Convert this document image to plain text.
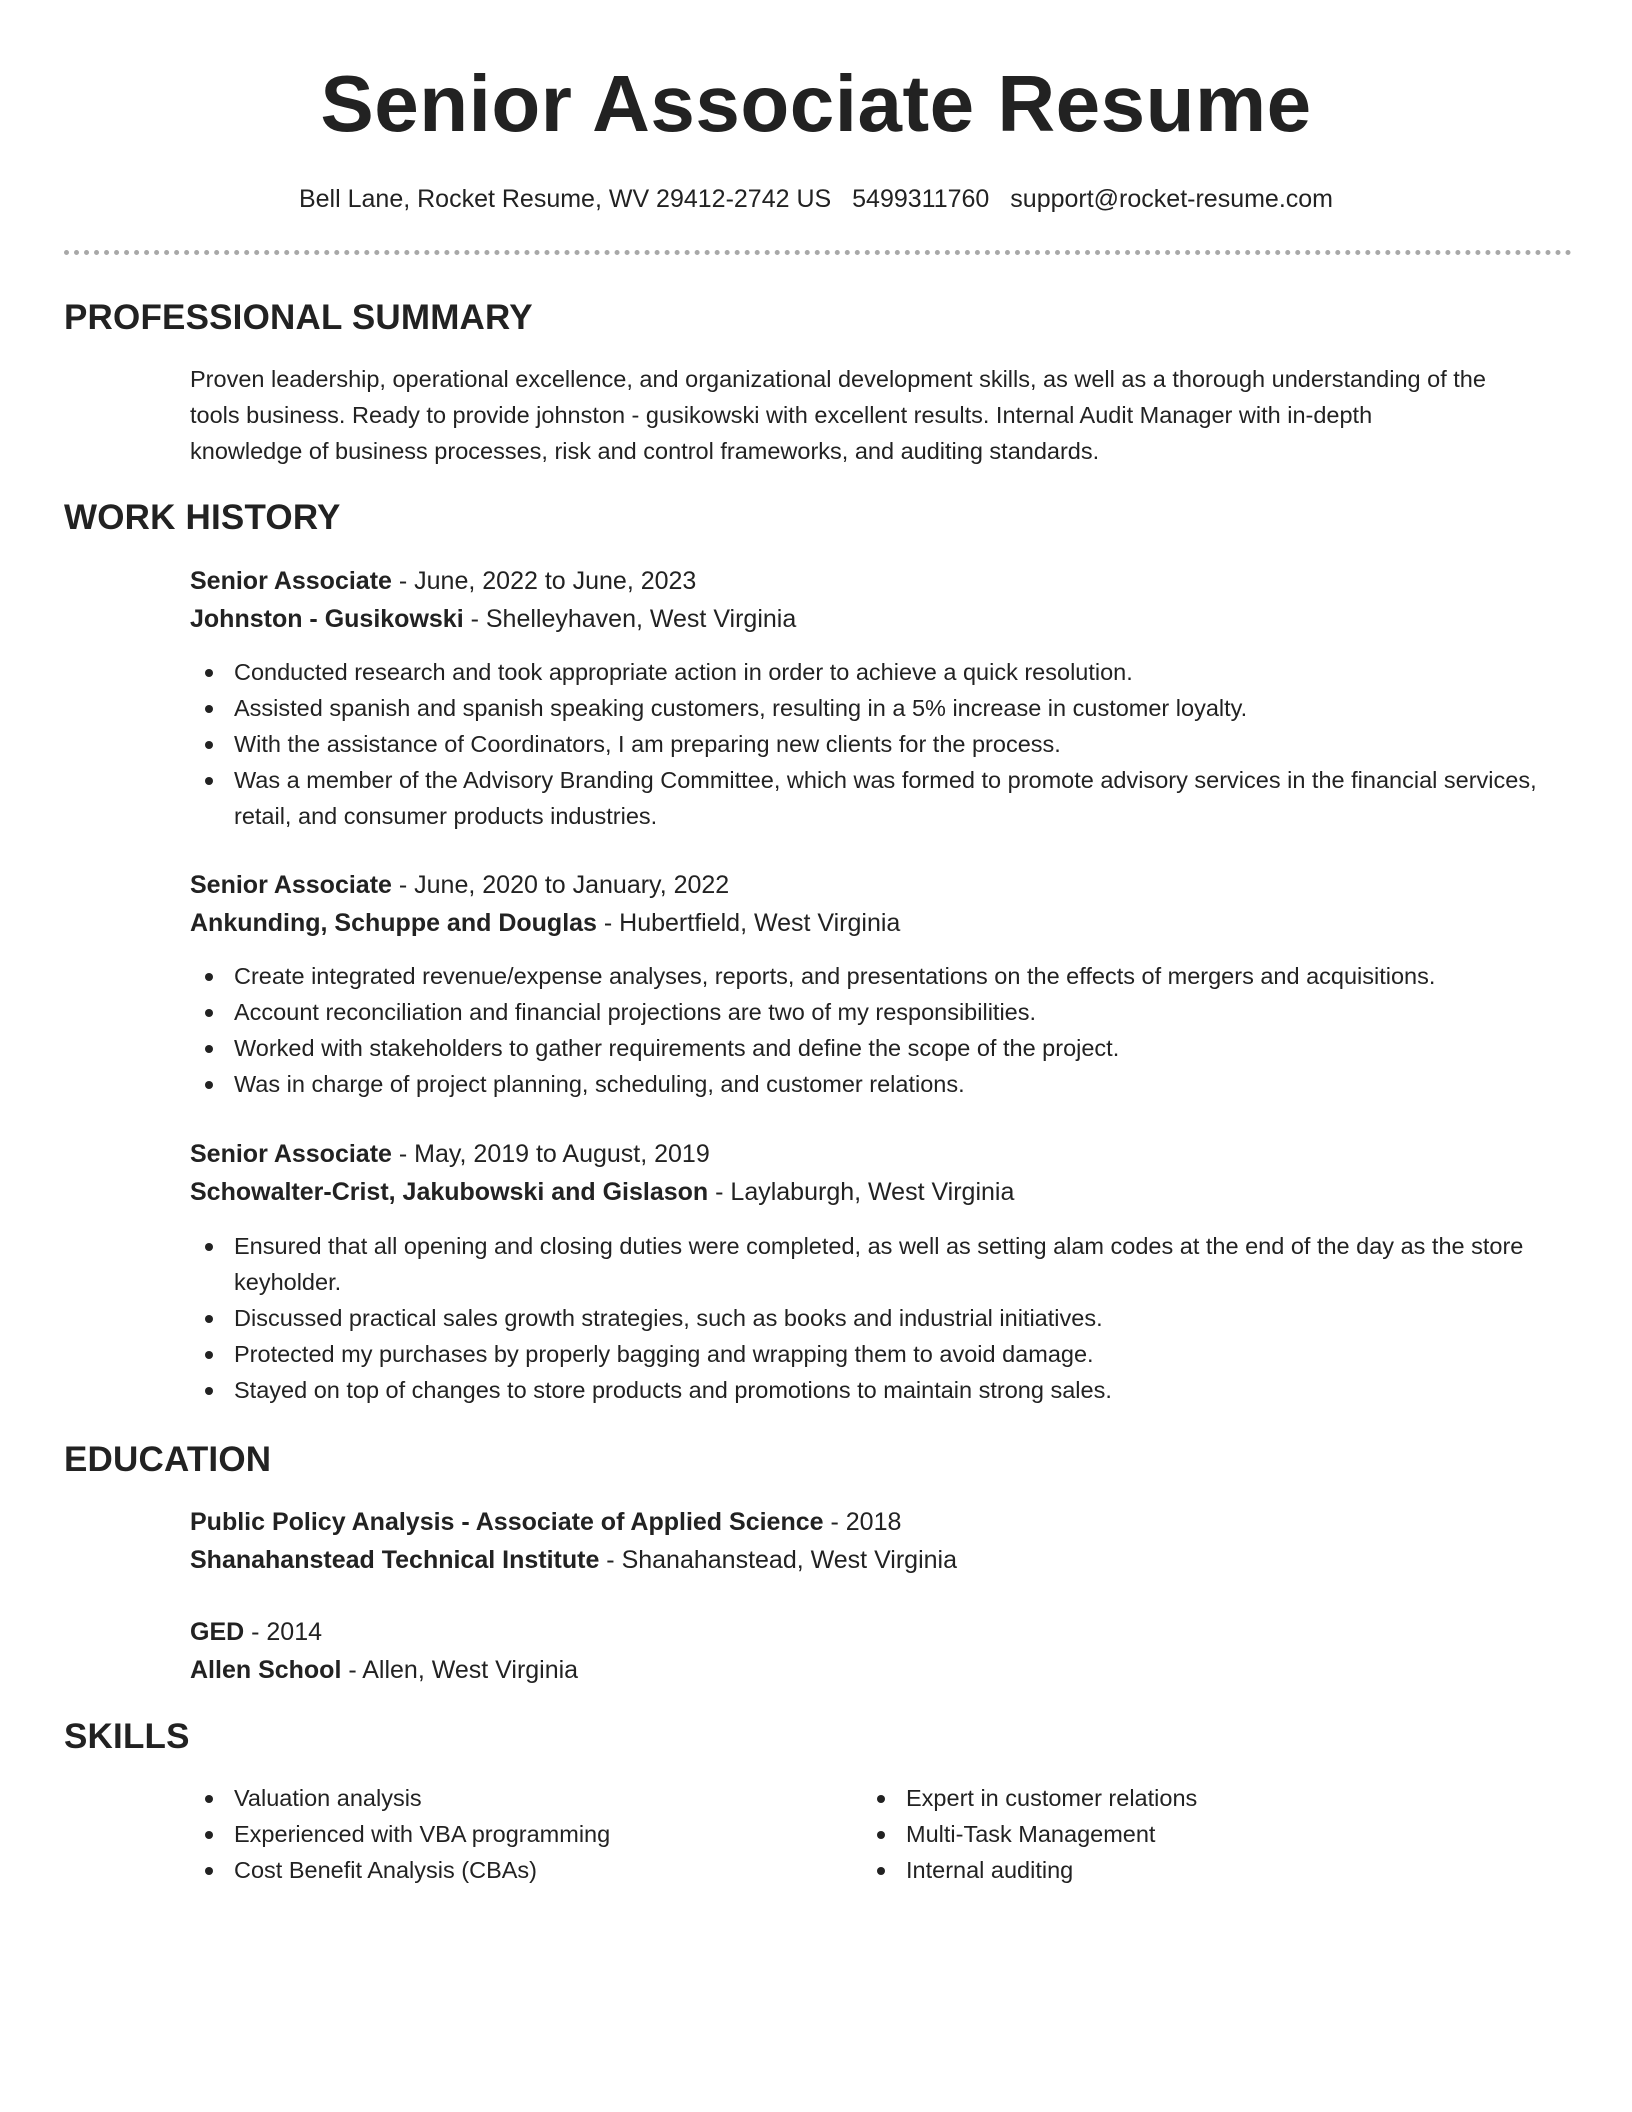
Senior Associate Resume
Bell Lane, Rocket Resume, WV 29412-2742 US 5499311760 support@rocket-resume.com
PROFESSIONAL SUMMARY
Proven leadership, operational excellence, and organizational development skills, as well as a thorough understanding of the
tools business. Ready to provide johnston - gusikowski with excellent results. Internal Audit Manager with in-depth
knowledge of business processes, risk and control frameworks, and auditing standards.
WORK HISTORY
Senior Associate - June, 2022 to June, 2023
Johnston - Gusikowski - Shelleyhaven, West Virginia
Conducted research and took appropriate action in order to achieve a quick resolution.
Assisted spanish and spanish speaking customers, resulting in a 5% increase in customer loyalty.
With the assistance of Coordinators, I am preparing new clients for the process.
Was a member of the Advisory Branding Committee, which was formed to promote advisory services in the financial services, retail, and consumer products industries.
Senior Associate - June, 2020 to January, 2022
Ankunding, Schuppe and Douglas - Hubertfield, West Virginia
Create integrated revenue/expense analyses, reports, and presentations on the effects of mergers and acquisitions.
Account reconciliation and financial projections are two of my responsibilities.
Worked with stakeholders to gather requirements and define the scope of the project.
Was in charge of project planning, scheduling, and customer relations.
Senior Associate - May, 2019 to August, 2019
Schowalter-Crist, Jakubowski and Gislason - Laylaburgh, West Virginia
Ensured that all opening and closing duties were completed, as well as setting alam codes at the end of the day as the store keyholder.
Discussed practical sales growth strategies, such as books and industrial initiatives.
Protected my purchases by properly bagging and wrapping them to avoid damage.
Stayed on top of changes to store products and promotions to maintain strong sales.
EDUCATION
Public Policy Analysis - Associate of Applied Science - 2018
Shanahanstead Technical Institute - Shanahanstead, West Virginia
GED - 2014
Allen School - Allen, West Virginia
SKILLS
Valuation analysis
Experienced with VBA programming
Cost Benefit Analysis (CBAs)
Expert in customer relations
Multi-Task Management
Internal auditing
